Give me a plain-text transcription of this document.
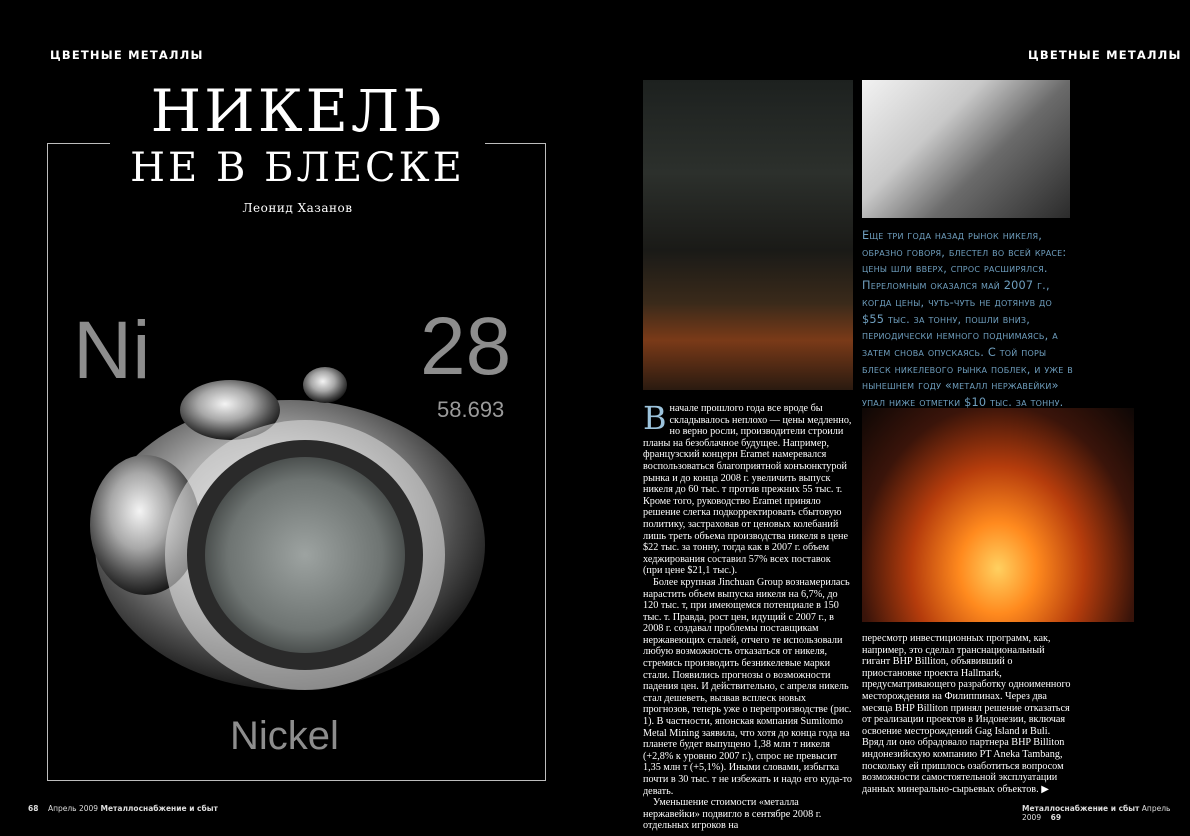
ЦВЕТНЫЕ МЕТАЛЛЫ	ЦВЕТНЫЕ МЕТАЛЛЫ
НИКЕЛЬ
НЕ В БЛЕСКЕ
Леонид Хазанов
Ni	28
58.693
Nickel

Еще три года назад рынок никеля, образно говоря, блестел во всей красе: цены шли вверх, спрос расширялся. Переломным оказался май 2007 г., когда цены, чуть-чуть не дотянув до $55 тыс. за тонну, пошли вниз, периодически немного поднимаясь, а затем снова опускаясь. С той поры блеск никелевого рынка поблек, и уже в нынешнем году «металл нержавейки» упал ниже отметки $10 тыс. за тонну.

Вначале прошлого года все вроде бы складывалось неплохо — цены медленно, но верно росли, производители строили планы на безоблачное будущее. Например, французский концерн Eramet намеревался воспользоваться благоприятной конъюнктурой рынка и до конца 2008 г. увеличить выпуск никеля до 60 тыс. т против прежних 55 тыс. т. Кроме того, руководство Eramet приняло решение слегка подкорректировать сбытовую политику, застраховав от ценовых колебаний лишь треть объема производства никеля в цене $22 тыс. за тонну, тогда как в 2007 г. объем хеджирования составил 57% всех поставок (при цене $21,1 тыс.).

Более крупная Jinchuan Group вознамерилась нарастить объем выпуска никеля на 6,7%, до 120 тыс. т, при имеющемся потенциале в 150 тыс. т. Правда, рост цен, идущий с 2007 г., в 2008 г. создавал проблемы поставщикам нержавеющих сталей, отчего те использовали любую возможность отказаться от никеля, стремясь производить безникелевые марки стали. Появились прогнозы о возможности падения цен. И действительно, с апреля никель стал дешеветь, вызвав всплеск новых прогнозов, теперь уже о перепроизводстве (рис. 1). В частности, японская компания Sumitomo Metal Mining заявила, что хотя до конца года на планете будет выпущено 1,38 млн т никеля (+2,8% к уровню 2007 г.), спрос не превысит 1,35 млн т (+5,1%). Иными словами, избытка почти в 30 тыс. т не избежать и надо его куда-то девать.

Уменьшение стоимости «металла нержавейки» подвигло в сентябре 2008 г. отдельных игроков на

пересмотр инвестиционных программ, как, например, это сделал транснациональный гигант BHP Billiton, объявивший о приостановке проекта Hallmark, предусматривающего разработку одноименного месторождения на Филиппинах. Через два месяца BHP Billiton принял решение отказаться от реализации проектов в Индонезии, включая освоение месторождений Gag Island и Buli. Вряд ли оно обрадовало партнера BHP Billiton индонезийскую компанию PT Aneka Tambang, поскольку ей пришлось озаботиться вопросом возможности самостоятельной эксплуатации данных минерально-сырьевых объектов. ▶

68 Апрель 2009 Металлоснабжение и сбыт	Металлоснабжение и сбыт Апрель 2009 69
